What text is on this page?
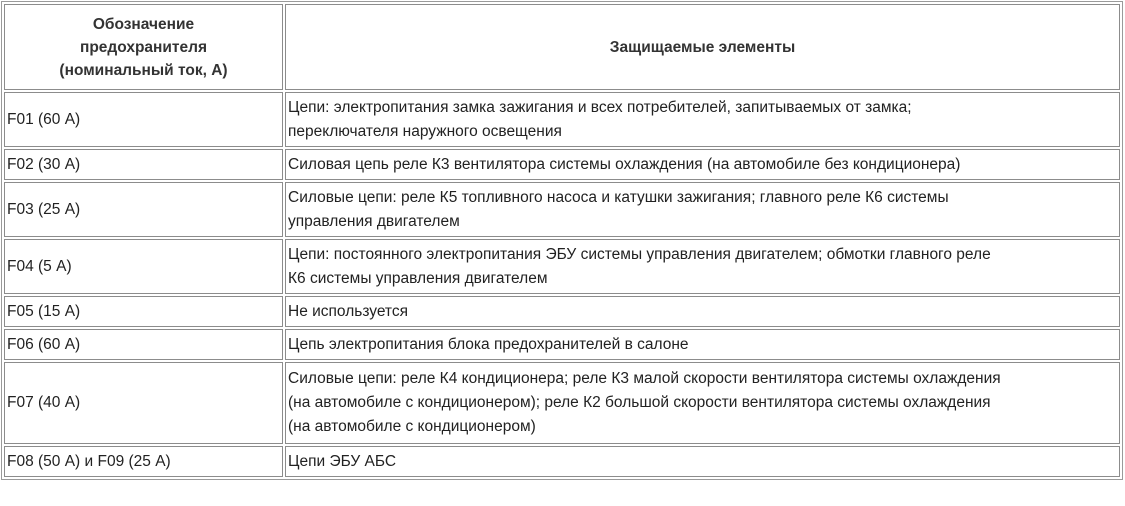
Обозначение
предохранителя
(номинальный ток, А)	Защищаемые элементы
F01 (60 А)	Цепи: электропитания замка зажигания и всех потребителей, запитываемых от замка;
переключателя наружного освещения
F02 (30 А)	Силовая цепь реле К3 вентилятора системы охлаждения (на автомобиле без кондиционера)
F03 (25 А)	Силовые цепи: реле К5 топливного насоса и катушки зажигания; главного реле К6 системы
управления двигателем
F04 (5 А)	Цепи: постоянного электропитания ЭБУ системы управления двигателем; обмотки главного реле
К6 системы управления двигателем
F05 (15 А)	Не используется
F06 (60 А)	Цепь электропитания блока предохранителей в салоне
F07 (40 А)	Силовые цепи: реле К4 кондиционера; реле К3 малой скорости вентилятора системы охлаждения
(на автомобиле с кондиционером); реле К2 большой скорости вентилятора системы охлаждения
(на автомобиле с кондиционером)
F08 (50 А) и F09 (25 А)	Цепи ЭБУ АБС
